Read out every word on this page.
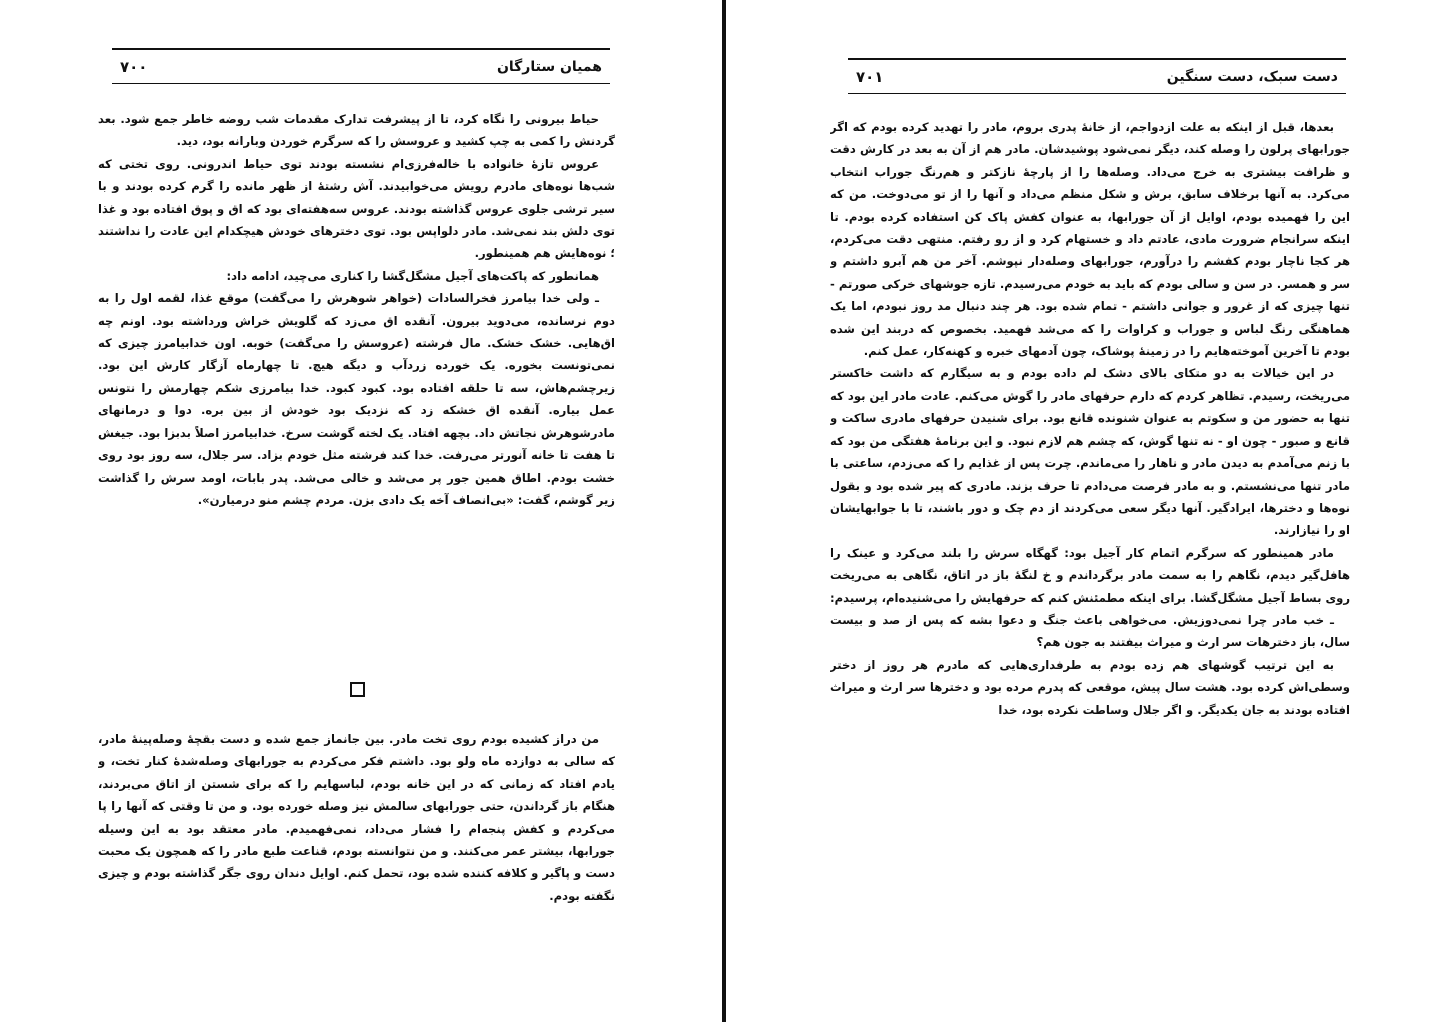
همیان ستارگان
۷۰۰

حیاط بیرونی را نگاه کرد، تا از پیشرفت تدارک مقدمات شب روضه خاطر جمع شود. بعد گردنش را کمی به چپ کشید و عروسش را که سرگرم خوردن وبارانه بود، دید.

عروس تازهٔ خانواده با خاله‌فرزی‌ام نشسته بودند توی حیاط اندرونی. روی تختی که شب‌ها نوه‌های مادرم رویش می‌خوابیدند. آش رشتهٔ از ظهر مانده را گرم کرده بودند و با سیر ترشی جلوی عروس گذاشته بودند. عروس سه‌هفته‌ای بود که اق و پوق افتاده بود و غذا توی دلش بند نمی‌شد. مادر دلواپس بود. توی دخترهای خودش هیچکدام این عادت را نداشتند ؛ نوه‌هایش هم همینطور.

همانطور که پاکت‌های آجیل مشگل‌گشا را کناری می‌چید، ادامه داد:

ـ ولی خدا بیامرز فخرالسادات (خواهر شوهرش را می‌گفت) موقع غذا، لقمه اول را به دوم نرسانده، می‌دوید بیرون. آنقده اق می‌زد که گلویش خراش ورداشته بود. اونم چه اق‌هایی. خشک خشک. مال فرشته (عروسش را می‌گفت) خوبه. اون خدابیامرز چیزی که نمی‌تونست بخوره. یک خورده زردآب و دیگه هیچ. تا چهارماه آزگار کارش این بود. زیرچشم‌هاش، سه تا حلقه افتاده بود. کبود کبود. خدا بیامرزی شکم چهارمش را نتونس عمل بیاره. آنقده اق خشکه زد که نزدیک بود خودش از بین بره. دوا و درمانهای مادرشوهرش نجاتش داد. بچهه افتاد. یک لخته گوشت سرخ. خدابیامرز اصلاً بدبزا بود. جیغش تا هفت تا خانه آنورتر می‌رفت. خدا کند فرشته مثل خودم بزاد. سر جلال، سه روز بود روی خشت بودم. اطاق همین جور پر می‌شد و خالی می‌شد. پدر بابات، اومد سرش را گذاشت زیر گوشم، گفت: «بی‌انصاف آخه یک دادی بزن. مردم چشم منو درمیارن».

من دراز کشیده بودم روی تخت مادر. بین جانماز جمع شده و دست بقچهٔ وصله‌پینهٔ مادر، که سالی به دوازده ماه ولو بود. داشتم فکر می‌کردم به جورابهای وصله‌شدهٔ کنار تخت، و یادم افتاد که زمانی که در این خانه بودم، لباسهایم را که برای شستن از اتاق می‌بردند، هنگام باز گرداندن، حتی جورابهای سالمش نیز وصله خورده بود. و من تا وقتی که آنها را پا می‌کردم و کفش پنجه‌ام را فشار می‌داد، نمی‌فهمیدم. مادر معتقد بود به این وسیله جورابها، بیشتر عمر می‌کنند. و من نتوانسته بودم، قناعت طبع مادر را که همچون یک محبت دست و پاگیر و کلافه کننده شده بود، تحمل کنم. اوایل دندان روی جگر گذاشته بودم و چیزی نگفته بودم.

دست سبک، دست سنگین
۷۰۱

بعدها، قبل از اینکه به علت ازدواجم، از خانهٔ پدری بروم، مادر را تهدید کرده بودم که اگر جورابهای پرلون را وصله کند، دیگر نمی‌شود پوشیدشان. مادر هم از آن به بعد در کارش دقت و ظرافت بیشتری به خرج می‌داد. وصله‌ها را از پارچهٔ نازکتر و هم‌رنگ جوراب انتخاب می‌کرد. به آنها برخلاف سابق، برش و شکل منظم می‌داد و آنها را از تو می‌دوخت. من که این را فهمیده بودم، اوایل از آن جورابها، به عنوان کفش پاک کن استفاده کرده بودم. تا اینکه سرانجام ضرورت مادی، عادتم داد و خستهام کرد و از رو رفتم. منتهی دقت می‌کردم، هر کجا ناچار بودم کفشم را درآورم، جورابهای وصله‌دار نپوشم. آخر من هم آبرو داشتم و سر و همسر. در سن و سالی بودم که باید به خودم می‌رسیدم. تازه جوشهای خرکی صورتم - تنها چیزی که از غرور و جوانی داشتم - تمام شده بود. هر چند دنبال مد روز نبودم، اما یک هماهنگی رنگ لباس و جوراب و کراوات را که می‌شد فهمید. بخصوص که دربند این شده بودم تا آخرین آموخته‌هایم را در زمینهٔ پوشاک، چون آدمهای خبره و کهنه‌کار، عمل کنم.

در این خیالات به دو متکای بالای دشک لم داده بودم و به سیگارم که داشت خاکستر می‌ریخت، رسیدم. تظاهر کردم که دارم حرفهای مادر را گوش می‌کنم. عادت مادر این بود که تنها به حضور من و سکوتم به عنوان شنونده قانع بود. برای شنیدن حرفهای مادری ساکت و قانع و صبور - چون او - نه تنها گوش، که چشم هم لازم نبود. و این برنامهٔ هفتگی من بود که با زنم می‌آمدم به دیدن مادر و ناهار را می‌ماندم. چرت پس از غذایم را که می‌زدم، ساعتی با مادر تنها می‌نشستم. و به مادر فرصت می‌دادم تا حرف بزند. مادری که پیر شده بود و بقول نوه‌ها و دخترها، ایرادگیر. آنها دیگر سعی می‌کردند از دم چک و دور باشند، تا با جوابهایشان او را نیازارند.

مادر همینطور که سرگرم اتمام کار آجیل بود: گهگاه سرش را بلند می‌کرد و عینک را هافل‌گیر دیدم، نگاهم را به سمت مادر برگرداندم و خ لنگهٔ باز در اتاق، نگاهی به می‌ریخت روی بساط آجیل مشگل‌گشا. برای اینکه مطمئنش کنم که حرفهایش را می‌شنیده‌ام، پرسیدم:

ـ خب مادر چرا نمی‌دوزیش. می‌خواهی باعث جنگ و دعوا بشه که پس از صد و بیست سال، باز دخترهات سر ارث و میراث بیفتند به جون هم؟

به این ترتیب گوشهای هم زده بودم به طرفداری‌هایی که مادرم هر روز از دختر وسطی‌اش کرده بود. هشت سال پیش، موقعی که پدرم مرده بود و دخترها سر ارث و میراث افتاده بودند به جان یکدیگر. و اگر جلال وساطت نکرده بود، خدا
